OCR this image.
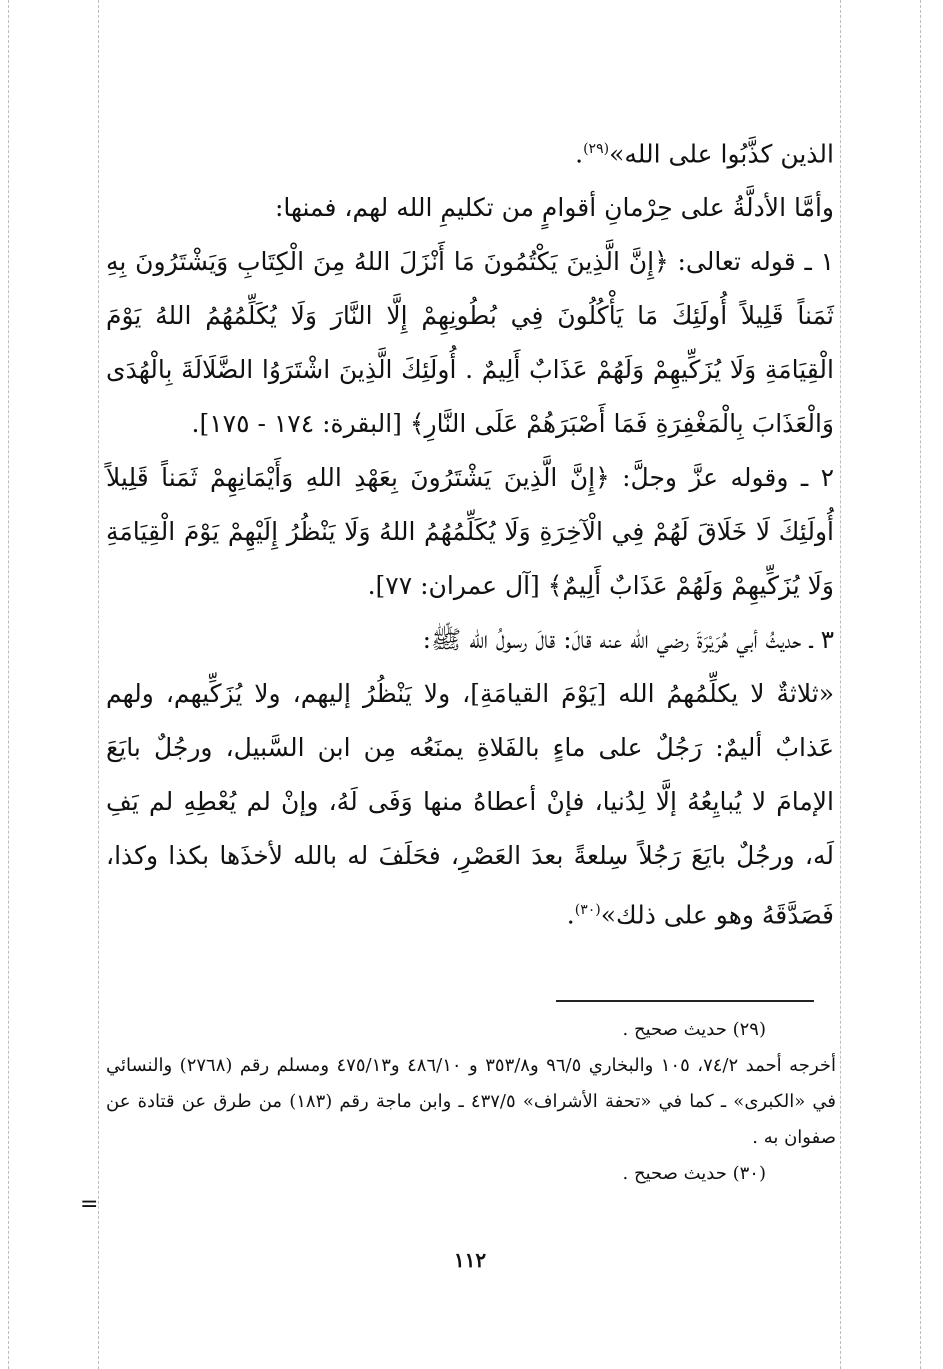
الذين كذَّبُوا على الله»$^{(٢٩)}$.

وأمَّا الأدلَّةُ على حِرْمانِ أقوامٍ من تكليمِ الله لهم، فمنها:

١ ـ قوله تعالى: ﴿إِنَّ الَّذِينَ يَكْتُمُونَ مَا أَنْزَلَ اللهُ مِنَ الْكِتَابِ وَيَشْتَرُونَ بِهِ ثَمَناً قَلِيلاً أُولَئِكَ مَا يَأْكُلُونَ فِي بُطُونِهِمْ إِلَّا النَّارَ وَلَا يُكَلِّمُهُمُ اللهُ يَوْمَ الْقِيَامَةِ وَلَا يُزَكِّيهِمْ وَلَهُمْ عَذَابٌ أَلِيمٌ . أُولَئِكَ الَّذِينَ اشْتَرَوُا الضَّلَالَةَ بِالْهُدَى وَالْعَذَابَ بِالْمَغْفِرَةِ فَمَا أَصْبَرَهُمْ عَلَى النَّارِ﴾ [البقرة: ١٧٤ - ١٧٥].

٢ ـ وقوله عزَّ وجلَّ: ﴿إِنَّ الَّذِينَ يَشْتَرُونَ بِعَهْدِ اللهِ وَأَيْمَانِهِمْ ثَمَناً قَلِيلاً أُولَئِكَ لَا خَلَاقَ لَهُمْ فِي الْآخِرَةِ وَلَا يُكَلِّمُهُمُ اللهُ وَلَا يَنْظُرُ إِلَيْهِمْ يَوْمَ الْقِيَامَةِ وَلَا يُزَكِّيهِمْ وَلَهُمْ عَذَابٌ أَلِيمٌ﴾ [آل عمران: ٧٧].

٣ ـ حديثُ أبي هُرَيْرَةَ رضي الله عنه قالَ: قالَ رسولُ الله ﷺ:

«ثلاثةٌ لا يكلِّمُهمُ الله [يَوْمَ القيامَةِ]، ولا يَنْظُرُ إليهم، ولا يُزَكِّيهم، ولهم عَذابٌ أليمٌ: رَجُلٌ على ماءٍ بالفَلاةِ يمنَعُه مِن ابن السَّبيل، ورجُلٌ بايَعَ الإمامَ لا يُبايِعُهُ إلَّا لِدُنيا، فإنْ أعطاهُ منها وَفَى لَهُ، وإنْ لم يُعْطِهِ لم يَفِ لَه، ورجُلٌ بايَعَ رَجُلاً سِلعةً بعدَ العَصْرِ، فحَلَفَ له بالله لأخذَها بكذا وكذا، فَصَدَّقَهُ وهو على ذلك»$^{(٣٠)}$.

(٢٩) حديث صحيح .

أخرجه أحمد ٧٤/٢، ١٠٥ والبخاري ٩٦/٥ و٣٥٣/٨ و ٤٨٦/١٠ و٤٧٥/١٣ ومسلم رقم (٢٧٦٨) والنسائي في «الكبرى» ـ كما في «تحفة الأشراف» ٤٣٧/٥ ـ وابن ماجة رقم (١٨٣) من طرق عن قتادة عن صفوان به .

(٣٠) حديث صحيح .

=
١١٢
